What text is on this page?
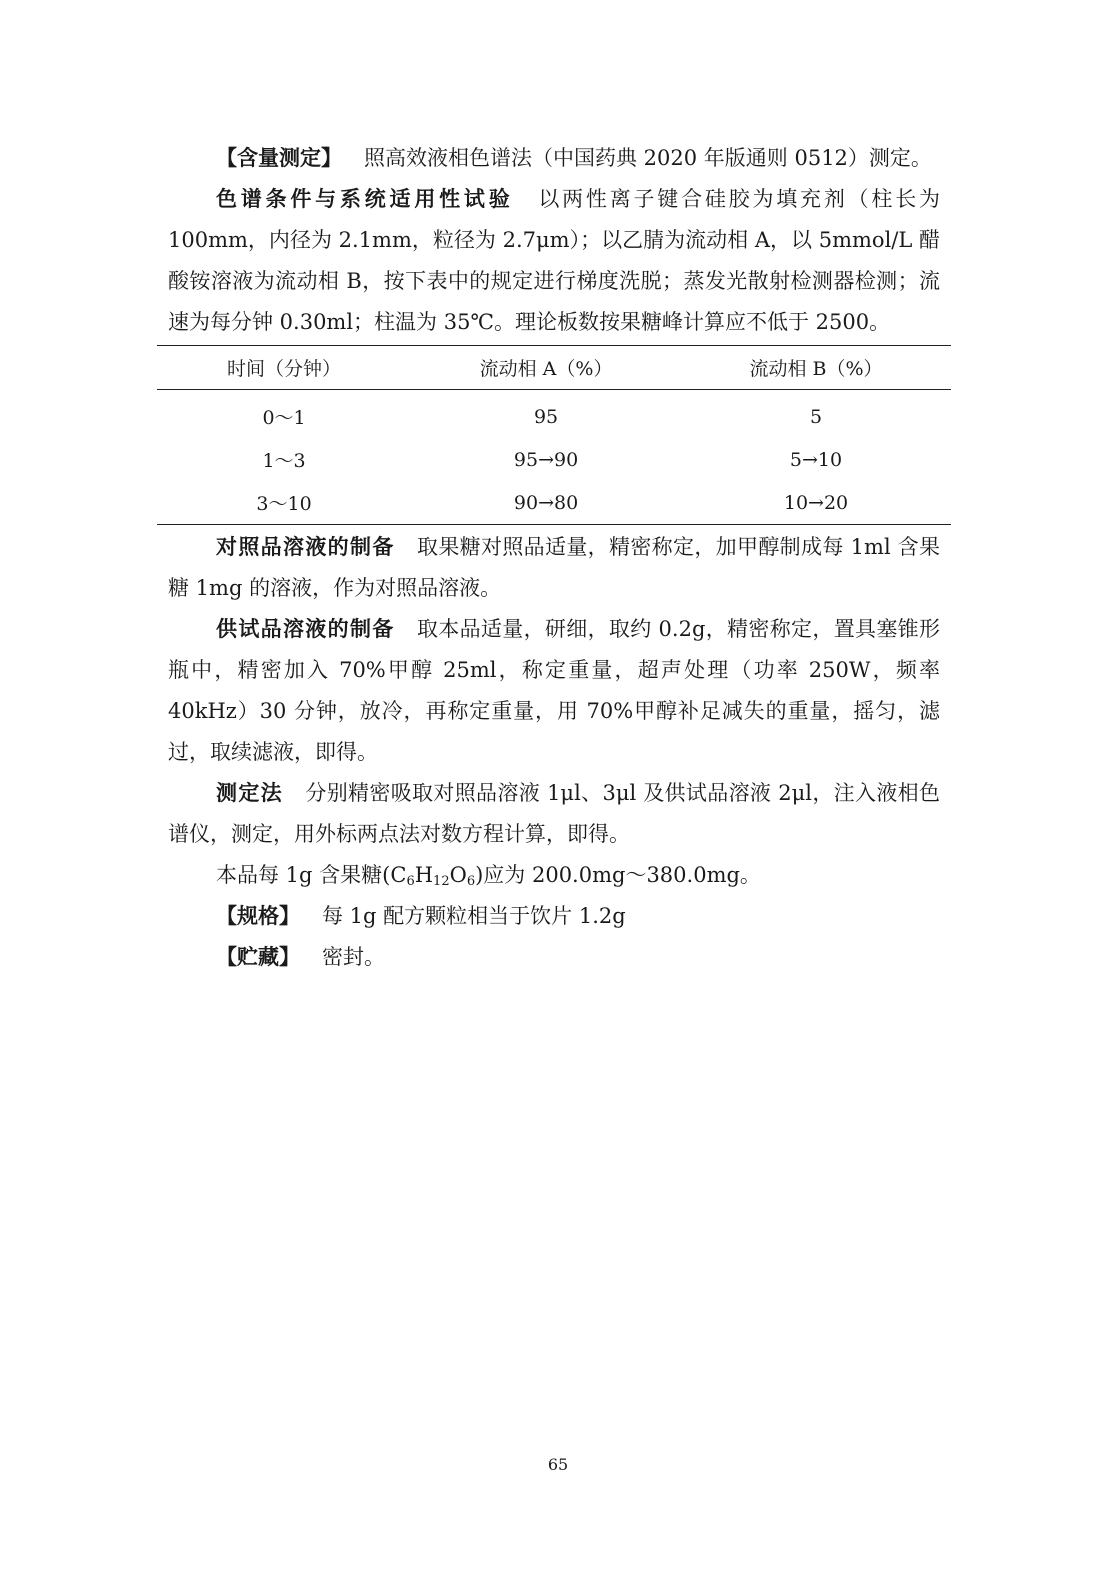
【含量测定】 照高效液相色谱法（中国药典 2020 年版通则 0512）测定。

色谱条件与系统适用性试验 以两性离子键合硅胶为填充剂（柱长为 100mm，内径为 2.1mm，粒径为 2.7μm）；以乙腈为流动相 A，以 5mmol/L 醋酸铵溶液为流动相 B，按下表中的规定进行梯度洗脱；蒸发光散射检测器检测；流速为每分钟 0.30ml；柱温为 35℃。理论板数按果糖峰计算应不低于 2500。

时间（分钟）	流动相 A（%）	流动相 B（%）
0～1	95	5
1～3	95→90	5→10
3～10	90→80	10→20

对照品溶液的制备 取果糖对照品适量，精密称定，加甲醇制成每 1ml 含果糖 1mg 的溶液，作为对照品溶液。

供试品溶液的制备 取本品适量，研细，取约 0.2g，精密称定，置具塞锥形瓶中，精密加入 70%甲醇 25ml，称定重量，超声处理（功率 250W，频率 40kHz）30 分钟，放冷，再称定重量，用 70%甲醇补足减失的重量，摇匀，滤过，取续滤液，即得。

测定法 分别精密吸取对照品溶液 1μl、3μl 及供试品溶液 2μl，注入液相色谱仪，测定，用外标两点法对数方程计算，即得。

本品每 1g 含果糖$(C_6H_{12}O_6)$应为 200.0mg～380.0mg。

【规格】 每 1g 配方颗粒相当于饮片 1.2g

【贮藏】 密封。

65
